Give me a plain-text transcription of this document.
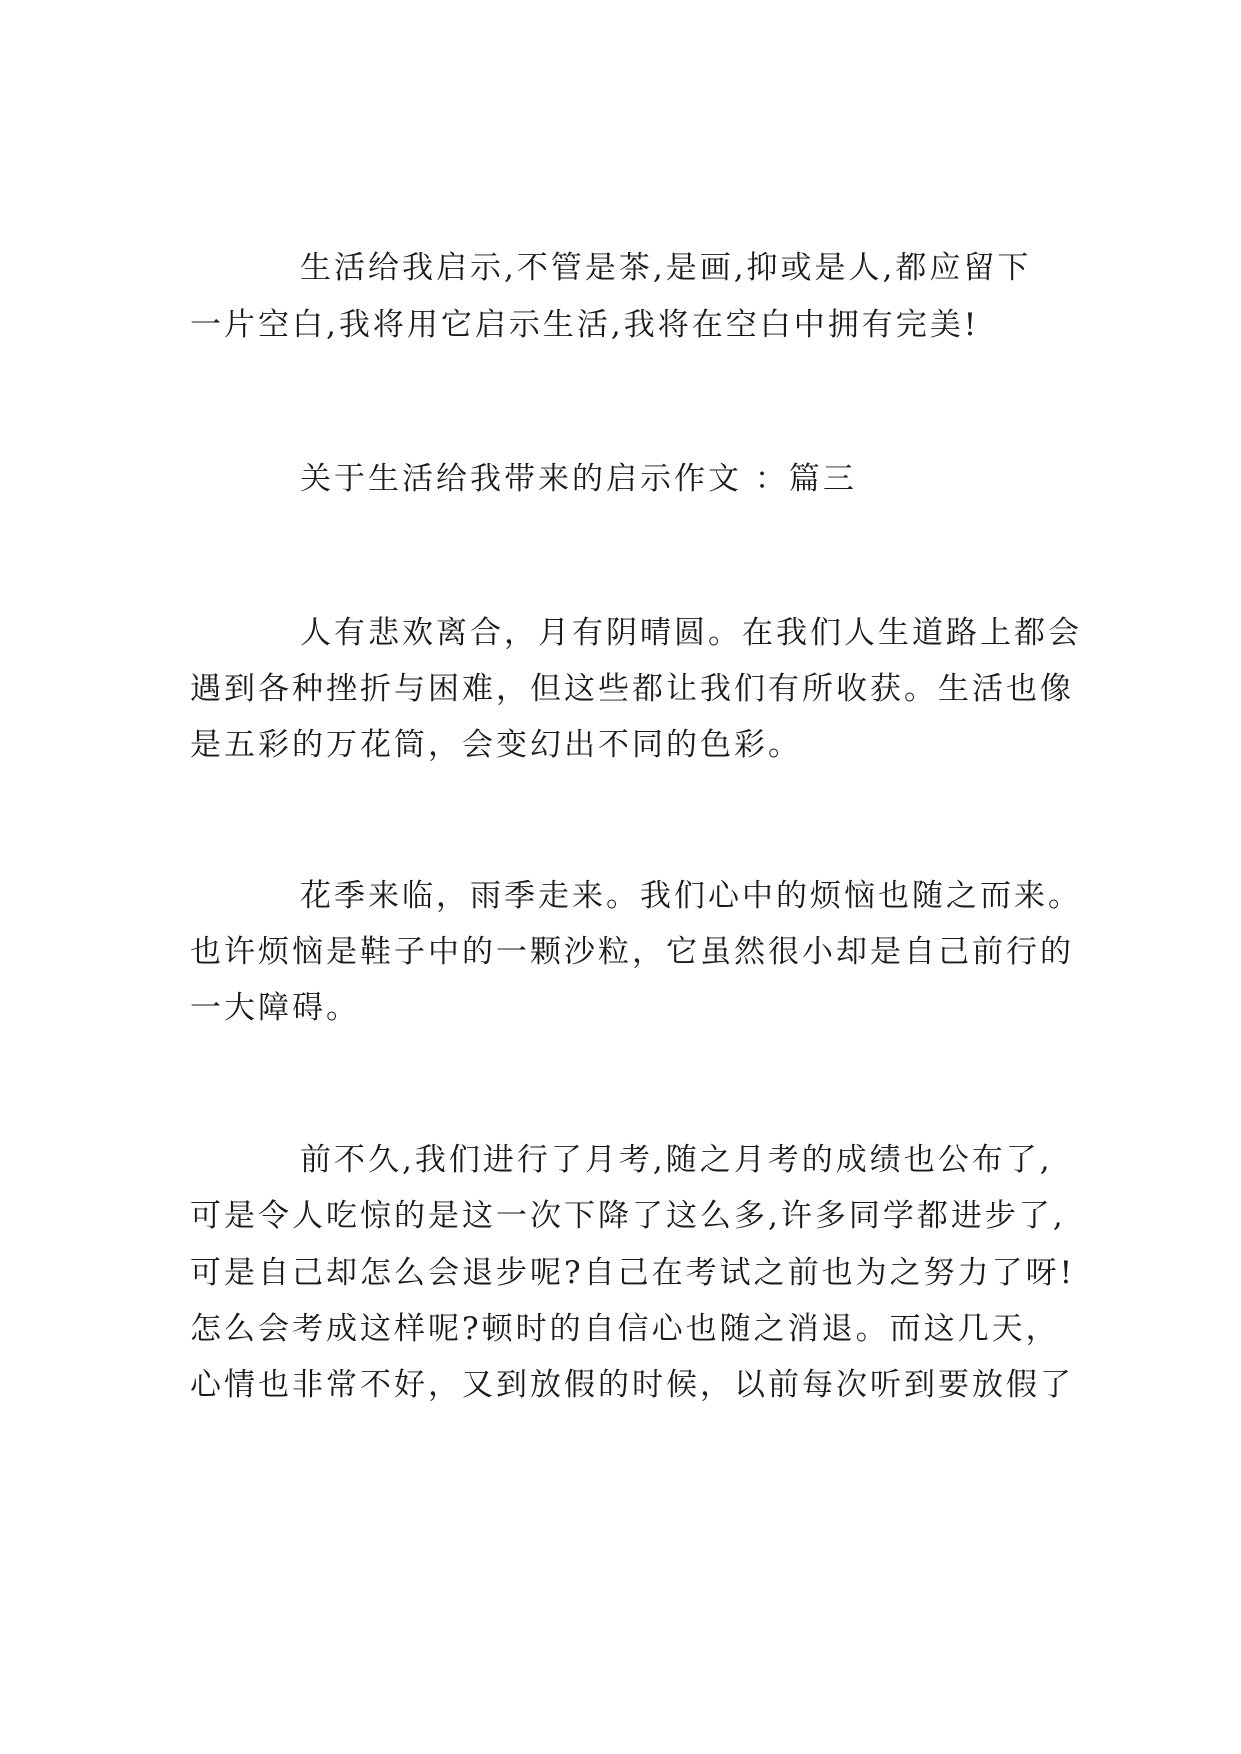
生活给我启示,不管是茶,是画,抑或是人,都应留下
一片空白,我将用它启示生活,我将在空白中拥有完美!
关于生活给我带来的启示作文 ：篇三
人有悲欢离合，月有阴晴圆。在我们人生道路上都会
遇到各种挫折与困难，但这些都让我们有所收获。生活也像
是五彩的万花筒，会变幻出不同的色彩。
花季来临，雨季走来。我们心中的烦恼也随之而来。
也许烦恼是鞋子中的一颗沙粒，它虽然很小却是自己前行的
一大障碍。
前不久,我们进行了月考,随之月考的成绩也公布了,
可是令人吃惊的是这一次下降了这么多,许多同学都进步了,
可是自己却怎么会退步呢?自己在考试之前也为之努力了呀!
怎么会考成这样呢?顿时的自信心也随之消退。而这几天，
心情也非常不好，又到放假的时候，以前每次听到要放假了
